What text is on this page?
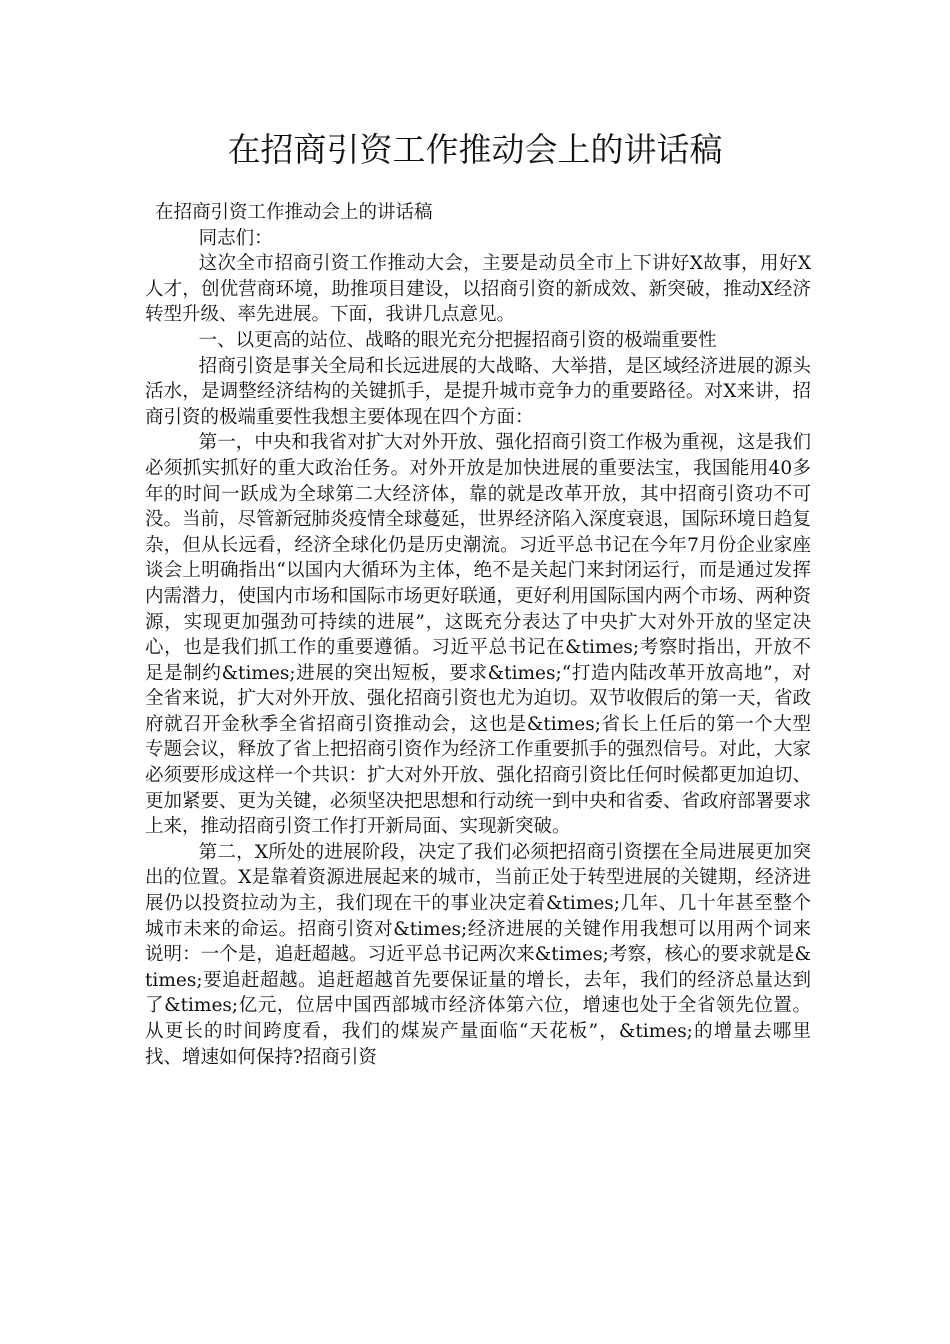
在招商引资工作推动会上的讲话稿

在招商引资工作推动会上的讲话稿

同志们：

这次全市招商引资工作推动大会，主要是动员全市上下讲好X故事，用好X人才，创优营商环境，助推项目建设，以招商引资的新成效、新突破，推动X经济转型升级、率先进展。下面，我讲几点意见。

一、以更高的站位、战略的眼光充分把握招商引资的极端重要性

招商引资是事关全局和长远进展的大战略、大举措，是区域经济进展的源头活水，是调整经济结构的关键抓手，是提升城市竞争力的重要路径。对X来讲，招商引资的极端重要性我想主要体现在四个方面：

第一，中央和我省对扩大对外开放、强化招商引资工作极为重视，这是我们必须抓实抓好的重大政治任务。对外开放是加快进展的重要法宝，我国能用40多年的时间一跃成为全球第二大经济体，靠的就是改革开放，其中招商引资功不可没。当前，尽管新冠肺炎疫情全球蔓延，世界经济陷入深度衰退，国际环境日趋复杂，但从长远看，经济全球化仍是历史潮流。习近平总书记在今年7月份企业家座谈会上明确指出“以国内大循环为主体，绝不是关起门来封闭运行，而是通过发挥内需潜力，使国内市场和国际市场更好联通，更好利用国际国内两个市场、两种资源，实现更加强劲可持续的进展”，这既充分表达了中央扩大对外开放的坚定决心，也是我们抓工作的重要遵循。习近平总书记在&times;考察时指出，开放不足是制约&times;进展的突出短板，要求&times;“打造内陆改革开放高地”，对全省来说，扩大对外开放、强化招商引资也尤为迫切。双节收假后的第一天，省政府就召开金秋季全省招商引资推动会，这也是&times;省长上任后的第一个大型专题会议，释放了省上把招商引资作为经济工作重要抓手的强烈信号。对此，大家必须要形成这样一个共识：扩大对外开放、强化招商引资比任何时候都更加迫切、更加紧要、更为关键，必须坚决把思想和行动统一到中央和省委、省政府部署要求上来，推动招商引资工作打开新局面、实现新突破。

第二，X所处的进展阶段，决定了我们必须把招商引资摆在全局进展更加突出的位置。X是靠着资源进展起来的城市，当前正处于转型进展的关键期，经济进展仍以投资拉动为主，我们现在干的事业决定着&times;几年、几十年甚至整个城市未来的命运。招商引资对&times;经济进展的关键作用我想可以用两个词来说明：一个是，追赶超越。习近平总书记两次来&times;考察，核心的要求就是&times;要追赶超越。追赶超越首先要保证量的增长，去年，我们的经济总量达到了&times;亿元，位居中国西部城市经济体第六位，增速也处于全省领先位置。从更长的时间跨度看，我们的煤炭产量面临“天花板”，&times;的增量去哪里找、增速如何保持?招商引资
